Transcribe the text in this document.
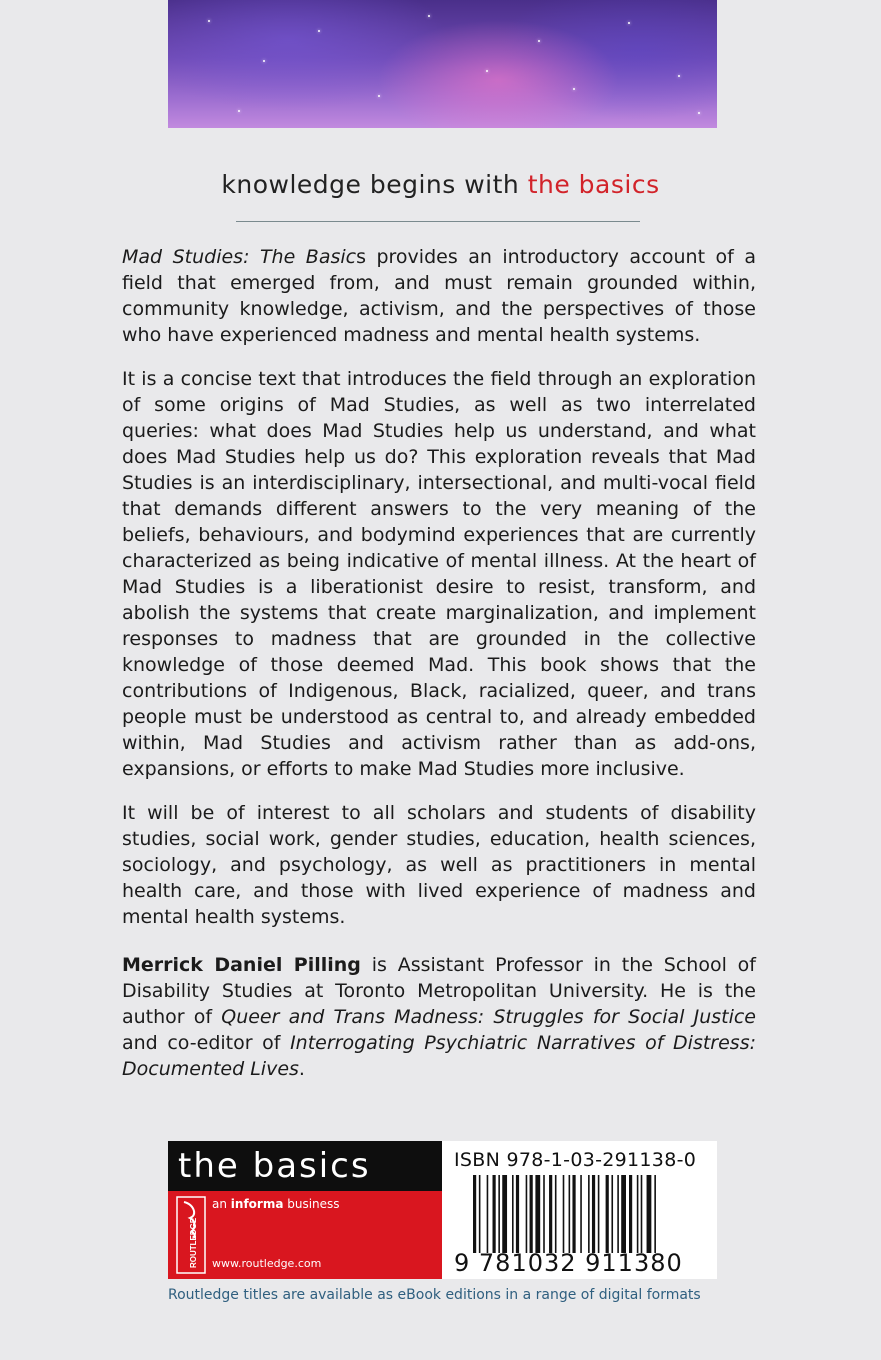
knowledge begins with the basics

Mad Studies: The Basics provides an introductory account of a field that emerged from, and must remain grounded within, community knowledge, activism, and the perspectives of those who have experienced madness and mental health systems.

It is a concise text that introduces the field through an exploration of some origins of Mad Studies, as well as two interrelated queries: what does Mad Studies help us understand, and what does Mad Studies help us do? This exploration reveals that Mad Studies is an interdisciplinary, intersectional, and multi-vocal field that demands different answers to the very meaning of the beliefs, behaviours, and bodymind experiences that are currently characterized as being indicative of mental illness. At the heart of Mad Studies is a liberationist desire to resist, transform, and abolish the systems that create marginalization, and implement responses to madness that are grounded in the collective knowledge of those deemed Mad. This book shows that the contributions of Indigenous, Black, racialized, queer, and trans people must be understood as central to, and already embedded within, Mad Studies and activism rather than as add-ons, expansions, or efforts to make Mad Studies more inclusive.

It will be of interest to all scholars and students of disability studies, social work, gender studies, education, health sciences, sociology, and psychology, as well as practitioners in mental health care, and those with lived experience of madness and mental health systems.

Merrick Daniel Pilling is Assistant Professor in the School of Disability Studies at Toronto Metropolitan University. He is the author of Queer and Trans Madness: Struggles for Social Justice and co-editor of Interrogating Psychiatric Narratives of Distress: Documented Lives.

the basics
an informa business
ROUTLEDGE www.routledge.com
ISBN 978-1-03-291138-0
9 781032 911380
Routledge titles are available as eBook editions in a range of digital formats
